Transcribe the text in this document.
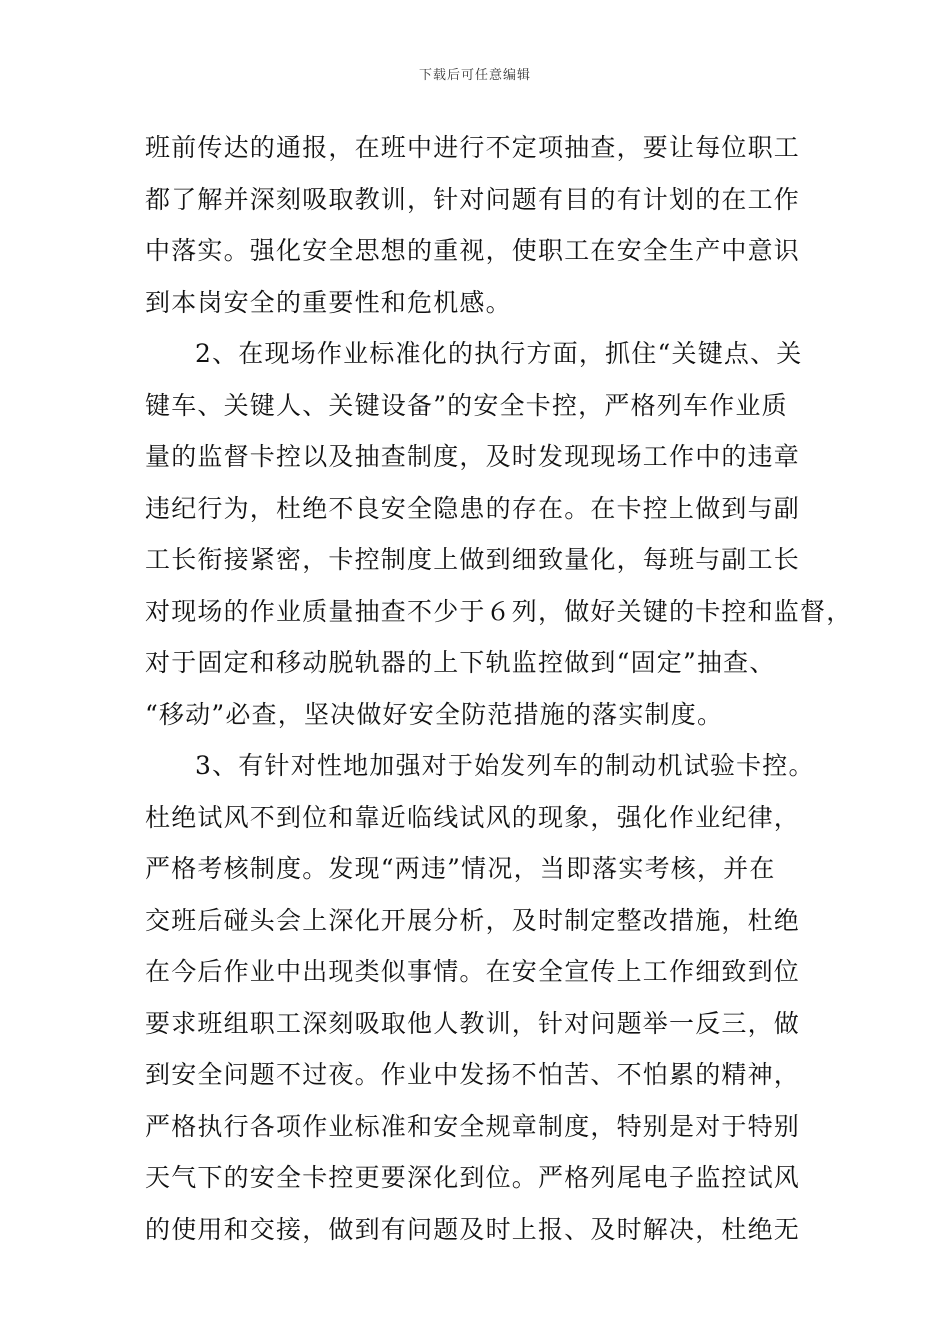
下载后可任意编辑
班前传达的通报，在班中进行不定项抽查，要让每位职工
都了解并深刻吸取教训，针对问题有目的有计划的在工作
中落实。强化安全思想的重视，使职工在安全生产中意识
到本岗安全的重要性和危机感。
2、在现场作业标准化的执行方面，抓住“关键点、关
键车、关键人、关键设备”的安全卡控，严格列车作业质
量的监督卡控以及抽查制度，及时发现现场工作中的违章
违纪行为，杜绝不良安全隐患的存在。在卡控上做到与副
工长衔接紧密，卡控制度上做到细致量化，每班与副工长
对现场的作业质量抽查不少于６列，做好关键的卡控和监督，
对于固定和移动脱轨器的上下轨监控做到“固定”抽查、
“移动”必查，坚决做好安全防范措施的落实制度。
3、有针对性地加强对于始发列车的制动机试验卡控。
杜绝试风不到位和靠近临线试风的现象，强化作业纪律，
严格考核制度。发现“两违”情况，当即落实考核，并在
交班后碰头会上深化开展分析，及时制定整改措施，杜绝
在今后作业中出现类似事情。在安全宣传上工作细致到位
要求班组职工深刻吸取他人教训，针对问题举一反三，做
到安全问题不过夜。作业中发扬不怕苦、不怕累的精神，
严格执行各项作业标准和安全规章制度，特别是对于特别
天气下的安全卡控更要深化到位。严格列尾电子监控试风
的使用和交接，做到有问题及时上报、及时解决，杜绝无
